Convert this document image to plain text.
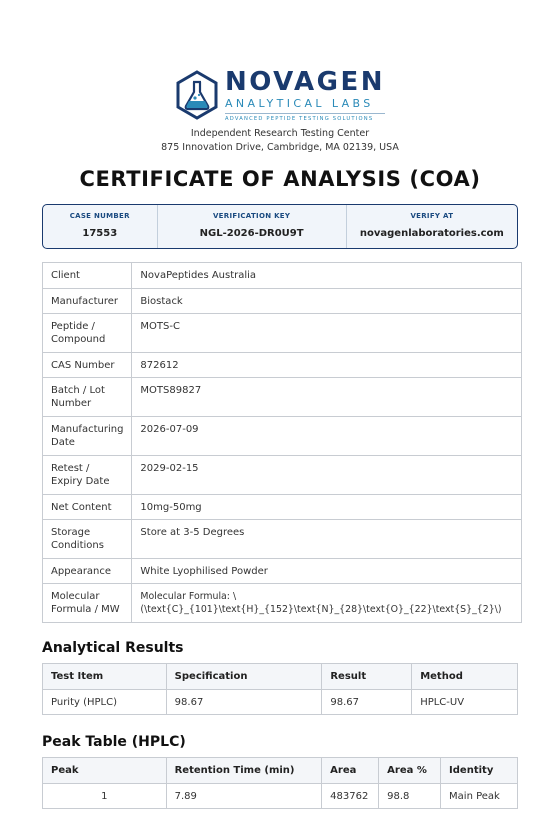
NOVAGEN
ANALYTICAL LABS
ADVANCED PEPTIDE TESTING SOLUTIONS
Independent Research Testing Center
875 Innovation Drive, Cambridge, MA 02139, USA
CERTIFICATE OF ANALYSIS (COA)
CASE NUMBER
17553
VERIFICATION KEY
NGL-2026-DR0U9T
VERIFY AT
novagenlaboratories.com
Client	NovaPeptides Australia
Manufacturer	Biostack
Peptide / Compound	MOTS-C
CAS Number	872612
Batch / Lot Number	MOTS89827
Manufacturing Date	2026-07-09
Retest / Expiry Date	2029-02-15
Net Content	10mg-50mg
Storage Conditions	Store at 3-5 Degrees
Appearance	White Lyophilised Powder
Molecular Formula / MW	Molecular Formula: \
(\text{C}_{101}\text{H}_{152}\text{N}_{28}\text{O}_{22}\text{S}_{2}\)
Analytical Results
Test Item	Specification	Result	Method
Purity (HPLC)	98.67	98.67	HPLC-UV
Peak Table (HPLC)
Peak	Retention Time (min)	Area	Area %	Identity
1	7.89	483762	98.8	Main Peak
